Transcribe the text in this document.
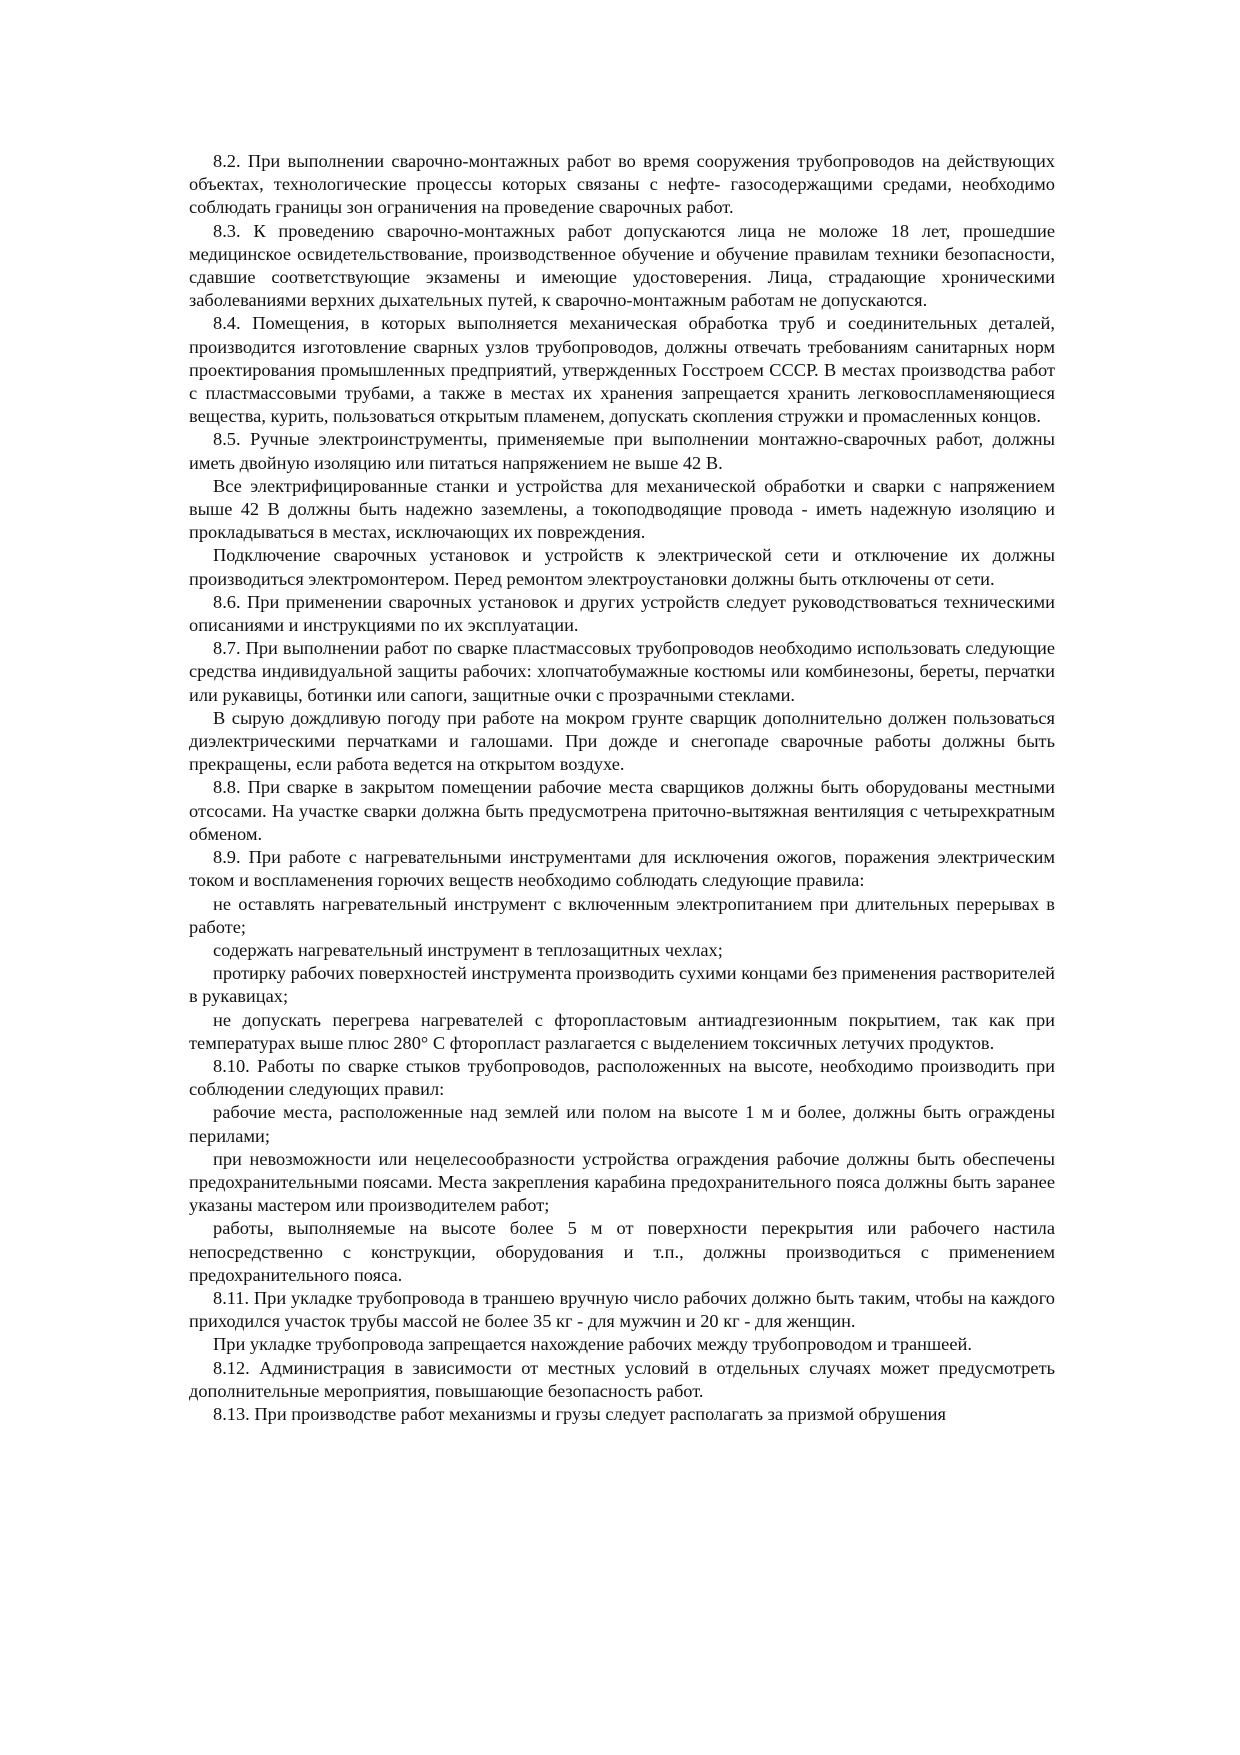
8.2. При выполнении сварочно-монтажных работ во время сооружения трубопроводов на действующих объектах, технологические процессы которых связаны с нефте- газосодержащими средами, необходимо соблюдать границы зон ограничения на проведение сварочных работ.

8.3. К проведению сварочно-монтажных работ допускаются лица не моложе 18 лет, прошедшие медицинское освидетельствование, производственное обучение и обучение правилам техники безопасности, сдавшие соответствующие экзамены и имеющие удостоверения. Лица, страдающие хроническими заболеваниями верхних дыхательных путей, к сварочно-монтажным работам не допускаются.

8.4. Помещения, в которых выполняется механическая обработка труб и соединительных деталей, производится изготовление сварных узлов трубопроводов, должны отвечать требованиям санитарных норм проектирования промышленных предприятий, утвержденных Госстроем СССР. В местах производства работ с пластмассовыми трубами, а также в местах их хранения запрещается хранить легковоспламеняющиеся вещества, курить, пользоваться открытым пламенем, допускать скопления стружки и промасленных концов.

8.5. Ручные электроинструменты, применяемые при выполнении монтажно-сварочных работ, должны иметь двойную изоляцию или питаться напряжением не выше 42 В.

Все электрифицированные станки и устройства для механической обработки и сварки с напряжением выше 42 В должны быть надежно заземлены, а токоподводящие провода - иметь надежную изоляцию и прокладываться в местах, исключающих их повреждения.

Подключение сварочных установок и устройств к электрической сети и отключение их должны производиться электромонтером. Перед ремонтом электроустановки должны быть отключены от сети.

8.6. При применении сварочных установок и других устройств следует руководствоваться техническими описаниями и инструкциями по их эксплуатации.

8.7. При выполнении работ по сварке пластмассовых трубопроводов необходимо использовать следующие средства индивидуальной защиты рабочих: хлопчатобумажные костюмы или комбинезоны, береты, перчатки или рукавицы, ботинки или сапоги, защитные очки с прозрачными стеклами.

В сырую дождливую погоду при работе на мокром грунте сварщик дополнительно должен пользоваться диэлектрическими перчатками и галошами. При дожде и снегопаде сварочные работы должны быть прекращены, если работа ведется на открытом воздухе.

8.8. При сварке в закрытом помещении рабочие места сварщиков должны быть оборудованы местными отсосами. На участке сварки должна быть предусмотрена приточно-вытяжная вентиляция с четырехкратным обменом.

8.9. При работе с нагревательными инструментами для исключения ожогов, поражения электрическим током и воспламенения горючих веществ необходимо соблюдать следующие правила:

не оставлять нагревательный инструмент с включенным электропитанием при длительных перерывах в работе;

содержать нагревательный инструмент в теплозащитных чехлах;

протирку рабочих поверхностей инструмента производить сухими концами без применения растворителей в рукавицах;

не допускать перегрева нагревателей с фторопластовым антиадгезионным покрытием, так как при температурах выше плюс 280° С фторопласт разлагается с выделением токсичных летучих продуктов.

8.10. Работы по сварке стыков трубопроводов, расположенных на высоте, необходимо производить при соблюдении следующих правил:

рабочие места, расположенные над землей или полом на высоте 1 м и более, должны быть ограждены перилами;

при невозможности или нецелесообразности устройства ограждения рабочие должны быть обеспечены предохранительными поясами. Места закрепления карабина предохранительного пояса должны быть заранее указаны мастером или производителем работ;

работы, выполняемые на высоте более 5 м от поверхности перекрытия или рабочего настила непосредственно с конструкции, оборудования и т.п., должны производиться с применением предохранительного пояса.

8.11. При укладке трубопровода в траншею вручную число рабочих должно быть таким, чтобы на каждого приходился участок трубы массой не более 35 кг - для мужчин и 20 кг - для женщин.

При укладке трубопровода запрещается нахождение рабочих между трубопроводом и траншеей.

8.12. Администрация в зависимости от местных условий в отдельных случаях может предусмотреть дополнительные мероприятия, повышающие безопасность работ.

8.13. При производстве работ механизмы и грузы следует располагать за призмой обрушения
